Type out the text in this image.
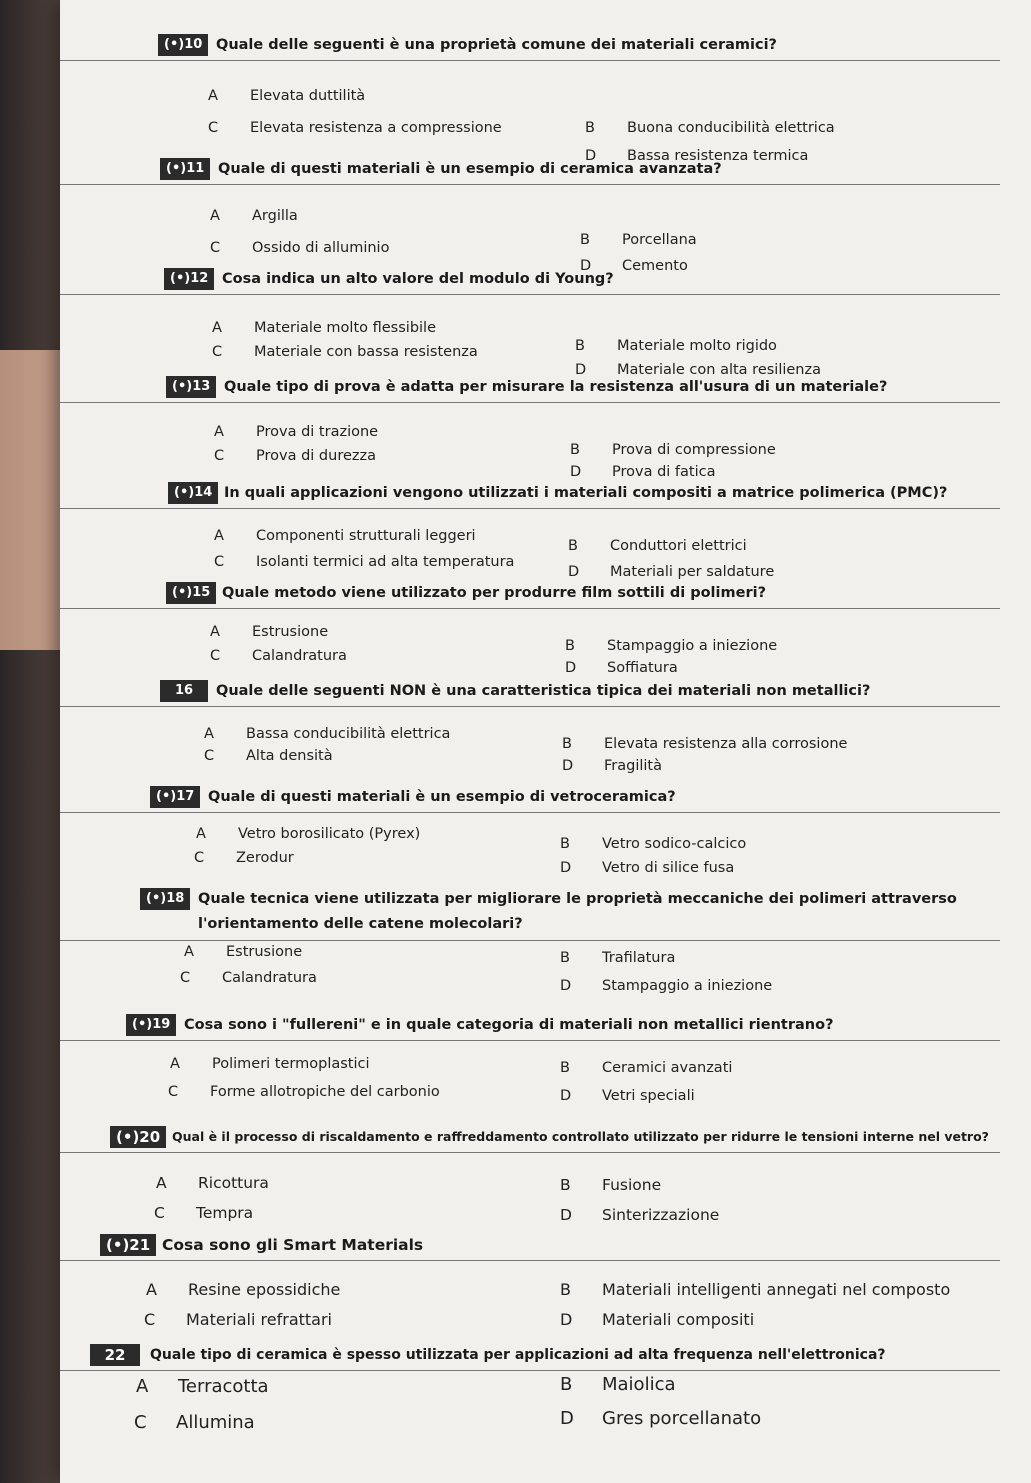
(•)10 Quale delle seguenti è una proprietà comune dei materiali ceramici?
A Elevata duttilità
B Buona conducibilità elettrica
C Elevata resistenza a compressione
D Bassa resistenza termica
(•)11 Quale di questi materiali è un esempio di ceramica avanzata?
A Argilla
B Porcellana
C Ossido di alluminio
D Cemento
(•)12 Cosa indica un alto valore del modulo di Young?
A Materiale molto flessibile
B Materiale molto rigido
C Materiale con bassa resistenza
D Materiale con alta resilienza
(•)13 Quale tipo di prova è adatta per misurare la resistenza all'usura di un materiale?
A Prova di trazione
B Prova di compressione
C Prova di durezza
D Prova di fatica
(•)14 In quali applicazioni vengono utilizzati i materiali compositi a matrice polimerica (PMC)?
A Componenti strutturali leggeri
B Conduttori elettrici
C Isolanti termici ad alta temperatura
D Materiali per saldature
(•)15 Quale metodo viene utilizzato per produrre film sottili di polimeri?
A Estrusione
B Stampaggio a iniezione
C Calandratura
D Soffiatura
16	Quale delle seguenti NON è una caratteristica tipica dei materiali non metallici?
A Bassa conducibilità elettrica
B Elevata resistenza alla corrosione
C Alta densità
D Fragilità
(•)17 Quale di questi materiali è un esempio di vetroceramica?
A Vetro borosilicato (Pyrex)
B Vetro sodico-calcico
C Zerodur
D Vetro di silice fusa
(•)18 Quale tecnica viene utilizzata per migliorare le proprietà meccaniche dei polimeri attraverso
l'orientamento delle catene molecolari?
A Estrusione	B Trafilatura
C Calandratura	D Stampaggio a iniezione
(•)19 Cosa sono i "fullereni" e in quale categoria di materiali non metallici rientrano?
A Polimeri termoplastici	B Ceramici avanzati
C Forme allotropiche del carbonio	D Vetri speciali
(•)20 Qual è il processo di riscaldamento e raffreddamento controllato utilizzato per ridurre le tensioni interne nel vetro?
A Ricottura	B Fusione
C Tempra	D Sinterizzazione
(•)21 Cosa sono gli Smart Materials
A Resine epossidiche	B Materiali intelligenti annegati nel composto
C Materiali refrattari	D Materiali compositi
22	Quale tipo di ceramica è spesso utilizzata per applicazioni ad alta frequenza nell'elettronica?
A Terracotta	B Maiolica
C Allumina	D Gres porcellanato
